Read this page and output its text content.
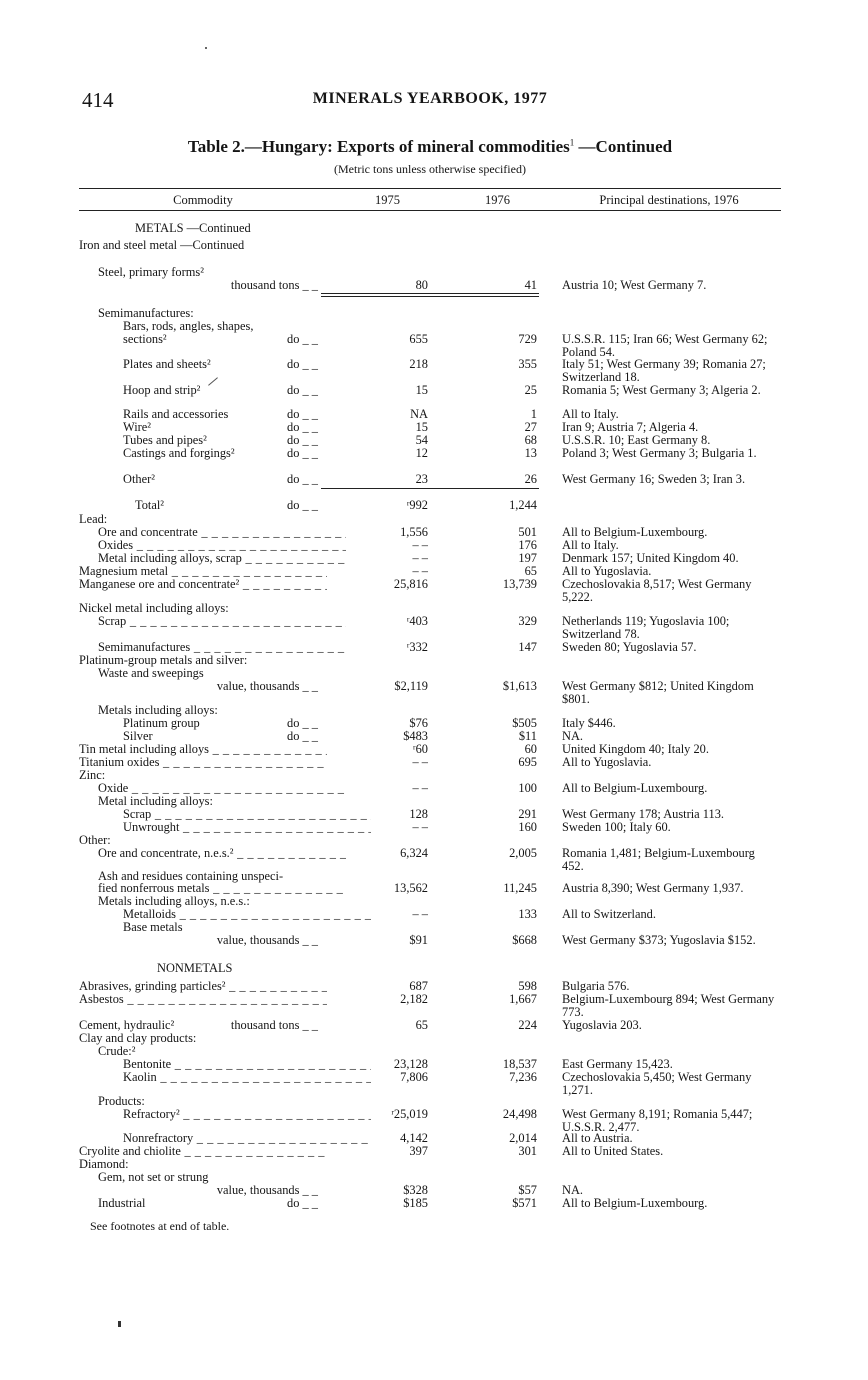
414	MINERALS YEARBOOK, 1977
Table 2.—Hungary: Exports of mineral commodities$^1$ —Continued
(Metric tons unless otherwise specified)
Commodity	1975	1976	Principal destinations, 1976
METALS —Continued
Iron and steel metal —Continued
Steel, primary forms²
thousand tons _ _	80	41 Austria 10; West Germany 7.
Semimanufactures:
Bars, rods, angles, shapes,
sections²	do _ _	655	729 U.S.S.R. 115; Iran 66; West Germany 62; Poland 54.
Plates and sheets²	do _ _	218	355 Italy 51; West Germany 39; Romania 27; Switzerland 18.
Hoop and strip²	do _ _	15	25 Romania 5; West Germany 3; Algeria 2.
Rails and accessories	do _ _	NA	1 All to Italy.
Wire²	do _ _	15	27 Iran 9; Austria 7; Algeria 4.
Tubes and pipes²	do _ _	54	68 U.S.S.R. 10; East Germany 8.
Castings and forgings²	do _ _	12	13 Poland 3; West Germany 3; Bulgaria 1.
Other²	do _ _	23	26 West Germany 16; Sweden 3; Iran 3.
Total²	do _ _	ʳ992	1,244
Lead:
Ore and concentrate _ _ _	1,556	501 All to Belgium-Luxembourg.
Oxides _ _ _	– –	176 All to Italy.
Metal including alloys, scrap _ _ _	– –	197 Denmark 157; United Kingdom 40.
Magnesium metal _ _ _	– –	65 All to Yugoslavia.
Manganese ore and concentrate² _ _ _	25,816	13,739 Czechoslovakia 8,517; West Germany 5,222.
Nickel metal including alloys:
Scrap _ _ _	ʳ403	329 Netherlands 119; Yugoslavia 100; Switzerland 78.
Semimanufactures _ _ _	ʳ332	147 Sweden 80; Yugoslavia 57.
Platinum-group metals and silver:
Waste and sweepings
value, thousands _ _	$2,119	$1,613 West Germany $812; United Kingdom $801.
Metals including alloys:
Platinum group	do _ _	$76	$505 Italy $446.
Silver	do _ _	$483	$11 NA.
Tin metal including alloys _ _ _	ʳ60	60 United Kingdom 40; Italy 20.
Titanium oxides _ _ _	– –	695 All to Yugoslavia.
Zinc:
Oxide _ _ _	– –	100 All to Belgium-Luxembourg.
Metal including alloys:
Scrap _ _ _	128	291 West Germany 178; Austria 113.
Unwrought _ _ _	– –	160 Sweden 100; Italy 60.
Other:
Ore and concentrate, n.e.s.² _ _ _	6,324	2,005 Romania 1,481; Belgium-Luxembourg 452.
Ash and residues containing unspeci-
fied nonferrous metals _ _ _	13,562	11,245 Austria 8,390; West Germany 1,937.
Metals including alloys, n.e.s.:
Metalloids _ _ _	– –	133 All to Switzerland.
Base metals
value, thousands _ _	$91	$668 West Germany $373; Yugoslavia $152.
NONMETALS
Abrasives, grinding particles² _ _ _	687	598 Bulgaria 576.
Asbestos _ _ _	2,182	1,667 Belgium-Luxembourg 894; West Germany 773.
Cement, hydraulic²	thousand tons _ _	65	224 Yugoslavia 203.
Clay and clay products:
Crude:²
Bentonite _ _ _	23,128	18,537 East Germany 15,423.
Kaolin _ _ _	7,806	7,236 Czechoslovakia 5,450; West Germany 1,271.
Products:
Refractory² _ _ _	ʳ25,019	24,498 West Germany 8,191; Romania 5,447; U.S.S.R. 2,477.
Nonrefractory _ _ _	4,142	2,014 All to Austria.
Cryolite and chiolite _ _ _	397	301 All to United States.
Diamond:
Gem, not set or strung
value, thousands _ _	$328	$57 NA.
Industrial	do _ _	$185	$571 All to Belgium-Luxembourg.
See footnotes at end of table.
